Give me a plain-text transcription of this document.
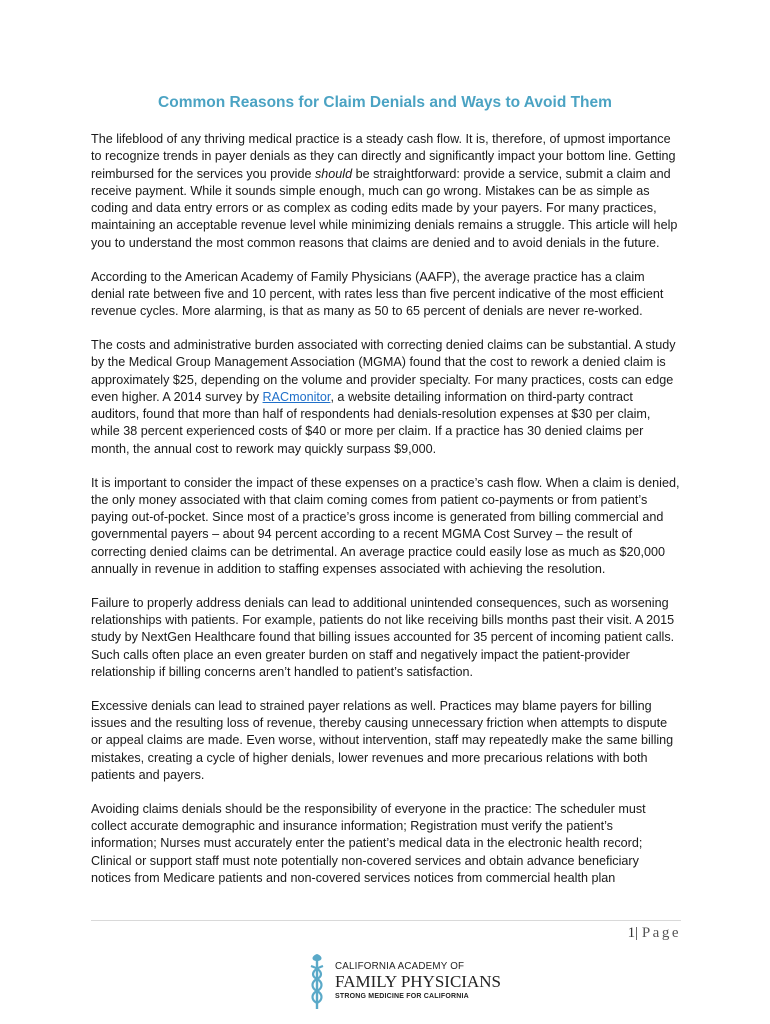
Common Reasons for Claim Denials and Ways to Avoid Them

The lifeblood of any thriving medical practice is a steady cash flow. It is, therefore, of upmost importance to recognize trends in payer denials as they can directly and significantly impact your bottom line. Getting reimbursed for the services you provide should be straightforward: provide a service, submit a claim and receive payment. While it sounds simple enough, much can go wrong. Mistakes can be as simple as coding and data entry errors or as complex as coding edits made by your payers. For many practices, maintaining an acceptable revenue level while minimizing denials remains a struggle. This article will help you to understand the most common reasons that claims are denied and to avoid denials in the future.

According to the American Academy of Family Physicians (AAFP), the average practice has a claim denial rate between five and 10 percent, with rates less than five percent indicative of the most efficient revenue cycles. More alarming, is that as many as 50 to 65 percent of denials are never re-worked.

The costs and administrative burden associated with correcting denied claims can be substantial. A study by the Medical Group Management Association (MGMA) found that the cost to rework a denied claim is approximately $25, depending on the volume and provider specialty. For many practices, costs can edge even higher. A 2014 survey by RACmonitor, a website detailing information on third-party contract auditors, found that more than half of respondents had denials-resolution expenses at $30 per claim, while 38 percent experienced costs of $40 or more per claim. If a practice has 30 denied claims per month, the annual cost to rework may quickly surpass $9,000.

It is important to consider the impact of these expenses on a practice’s cash flow. When a claim is denied, the only money associated with that claim coming comes from patient co-payments or from patient’s paying out-of-pocket. Since most of a practice’s gross income is generated from billing commercial and governmental payers – about 94 percent according to a recent MGMA Cost Survey – the result of correcting denied claims can be detrimental. An average practice could easily lose as much as $20,000 annually in revenue in addition to staffing expenses associated with achieving the resolution.

Failure to properly address denials can lead to additional unintended consequences, such as worsening relationships with patients. For example, patients do not like receiving bills months past their visit. A 2015 study by NextGen Healthcare found that billing issues accounted for 35 percent of incoming patient calls. Such calls often place an even greater burden on staff and negatively impact the patient-provider relationship if billing concerns aren’t handled to patient’s satisfaction.

Excessive denials can lead to strained payer relations as well. Practices may blame payers for billing issues and the resulting loss of revenue, thereby causing unnecessary friction when attempts to dispute or appeal claims are made. Even worse, without intervention, staff may repeatedly make the same billing mistakes, creating a cycle of higher denials, lower revenues and more precarious relations with both patients and payers.

Avoiding claims denials should be the responsibility of everyone in the practice: The scheduler must collect accurate demographic and insurance information; Registration must verify the patient’s information; Nurses must accurately enter the patient’s medical data in the electronic health record; Clinical or support staff must note potentially non-covered services and obtain advance beneficiary notices from Medicare patients and non-covered services notices from commercial health plan

1| Page
CALIFORNIA ACADEMY OF
FAMILY PHYSICIANS
STRONG MEDICINE FOR CALIFORNIA
